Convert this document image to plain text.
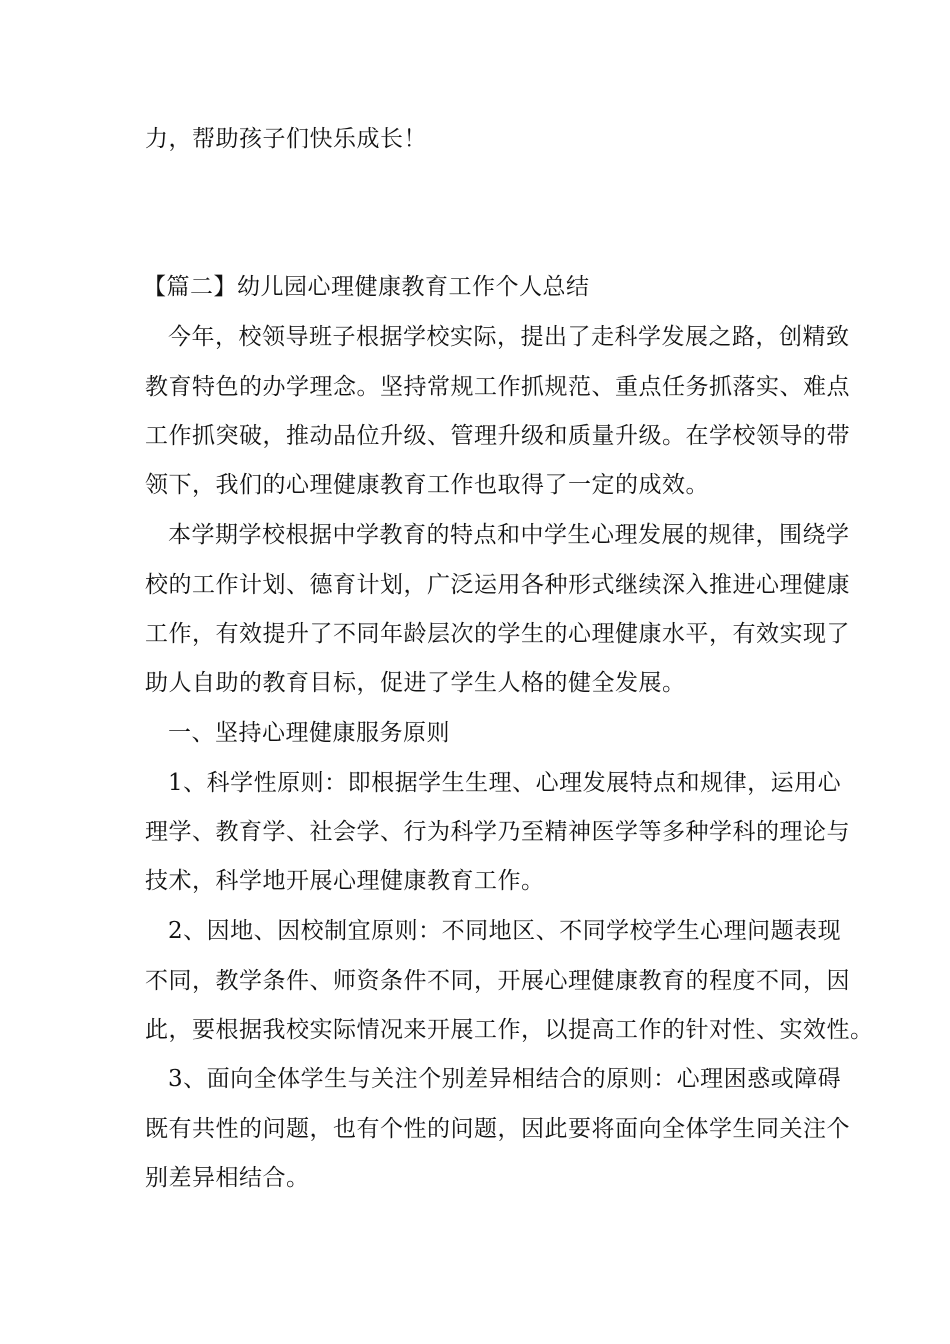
力，帮助孩子们快乐成长！
【篇二】幼儿园心理健康教育工作个人总结
今年，校领导班子根据学校实际，提出了走科学发展之路，创精致
教育特色的办学理念。坚持常规工作抓规范、重点任务抓落实、难点
工作抓突破，推动品位升级、管理升级和质量升级。在学校领导的带
领下，我们的心理健康教育工作也取得了一定的成效。
本学期学校根据中学教育的特点和中学生心理发展的规律，围绕学
校的工作计划、德育计划，广泛运用各种形式继续深入推进心理健康
工作，有效提升了不同年龄层次的学生的心理健康水平，有效实现了
助人自助的教育目标，促进了学生人格的健全发展。
一、坚持心理健康服务原则
1、科学性原则：即根据学生生理、心理发展特点和规律，运用心
理学、教育学、社会学、行为科学乃至精神医学等多种学科的理论与
技术，科学地开展心理健康教育工作。
2、因地、因校制宜原则：不同地区、不同学校学生心理问题表现
不同，教学条件、师资条件不同，开展心理健康教育的程度不同，因
此，要根据我校实际情况来开展工作，以提高工作的针对性、实效性。
3、面向全体学生与关注个别差异相结合的原则：心理困惑或障碍
既有共性的问题，也有个性的问题，因此要将面向全体学生同关注个
别差异相结合。
